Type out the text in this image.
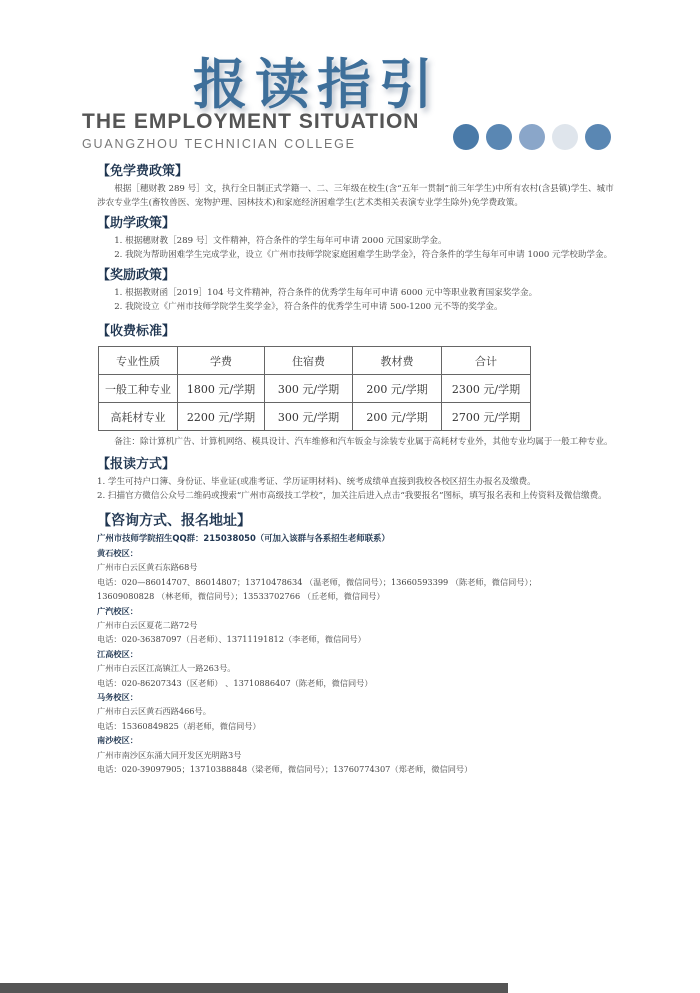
报读指引
THE EMPLOYMENT SITUATION
GUANGZHOU TECHNICIAN COLLEGE
【免学费政策】
根据［穗财教 289 号］文，执行全日制正式学籍一、二、三年级在校生(含“五年一贯制”前三年学生)中所有农村(含县镇)学生、城市涉农专业学生(畜牧兽医、宠物护理、园林技术)和家庭经济困难学生(艺术类相关表演专业学生除外)免学费政策。
【助学政策】
1. 根据穗财教［289 号］文件精神，符合条件的学生每年可申请 2000 元国家助学金。
2. 我院为帮助困难学生完成学业，设立《广州市技师学院家庭困难学生助学金》，符合条件的学生每年可申请 1000 元学校助学金。
【奖励政策】
1. 根据教财函［2019］104 号文件精神，符合条件的优秀学生每年可申请 6000 元中等职业教育国家奖学金。
2. 我院设立《广州市技师学院学生奖学金》，符合条件的优秀学生可申请 500-1200 元不等的奖学金。
【收费标准】
专业性质	学费	住宿费	教材费	合计
一般工种专业	1800 元/学期	300 元/学期	200 元/学期	2300 元/学期
高耗材专业	2200 元/学期	300 元/学期	200 元/学期	2700 元/学期
备注：除计算机广告、计算机网络、模具设计、汽车维修和汽车钣金与涂装专业属于高耗材专业外，其他专业均属于一般工种专业。
【报读方式】
1. 学生可持户口簿、身份证、毕业证(或准考证、学历证明材料)、统考成绩单直接到我校各校区招生办报名及缴费。
2. 扫描官方微信公众号二维码或搜索“广州市高级技工学校”，加关注后进入点击“我要报名”图标，填写报名表和上传资料及微信缴费。
【咨询方式、报名地址】
广州市技师学院招生QQ群：215038050（可加入该群与各系招生老师联系）
黄石校区：
广州市白云区黄石东路68号
电话：020—86014707、86014807；13710478634 （温老师，微信同号）；13660593399 （陈老师，微信同号）；
13609080828 （林老师，微信同号）；13533702766 （丘老师，微信同号）
广汽校区：
广州市白云区夏花二路72号
电话：020-36387097（吕老师）、13711191812（李老师，微信同号）
江高校区：
广州市白云区江高镇江人一路263号。
电话：020-86207343（区老师） 、13710886407（陈老师，微信同号）
马务校区：
广州市白云区黄石西路466号。
电话：15360849825（胡老师，微信同号）
南沙校区：
广州市南沙区东涌大同开发区光明路3号
电话：020-39097905；13710388848（梁老师，微信同号）；13760774307（郑老师，微信同号）
